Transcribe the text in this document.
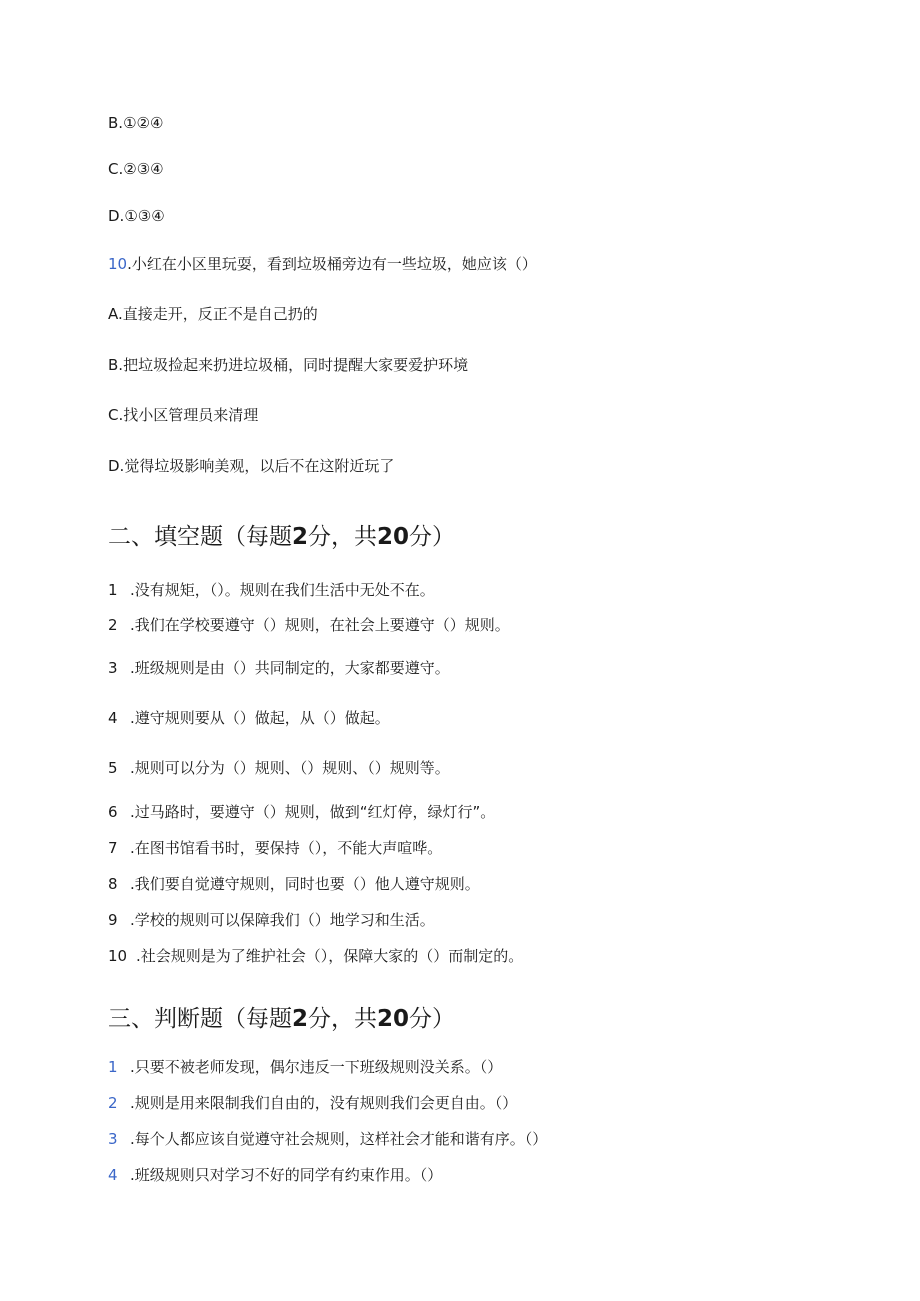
B.①②④
C.②③④
D.①③④
10.小红在小区里玩耍，看到垃圾桶旁边有一些垃圾，她应该（）
A.直接走开，反正不是自己扔的
B.把垃圾捡起来扔进垃圾桶，同时提醒大家要爱护环境
C.找小区管理员来清理
D.觉得垃圾影响美观，以后不在这附近玩了
二、填空题（每题2分，共20分）
1 .没有规矩，（）。规则在我们生活中无处不在。
2 .我们在学校要遵守（）规则，在社会上要遵守（）规则。
3 .班级规则是由（）共同制定的，大家都要遵守。
4 .遵守规则要从（）做起，从（）做起。
5 .规则可以分为（）规则、（）规则、（）规则等。
6 .过马路时，要遵守（）规则，做到“红灯停，绿灯行”。
7 .在图书馆看书时，要保持（），不能大声喧哗。
8 .我们要自觉遵守规则，同时也要（）他人遵守规则。
9 .学校的规则可以保障我们（）地学习和生活。
10 .社会规则是为了维护社会（），保障大家的（）而制定的。
三、判断题（每题2分，共20分）
1 .只要不被老师发现，偶尔违反一下班级规则没关系。（）
2 .规则是用来限制我们自由的，没有规则我们会更自由。（）
3 .每个人都应该自觉遵守社会规则，这样社会才能和谐有序。（）
4 .班级规则只对学习不好的同学有约束作用。（）
